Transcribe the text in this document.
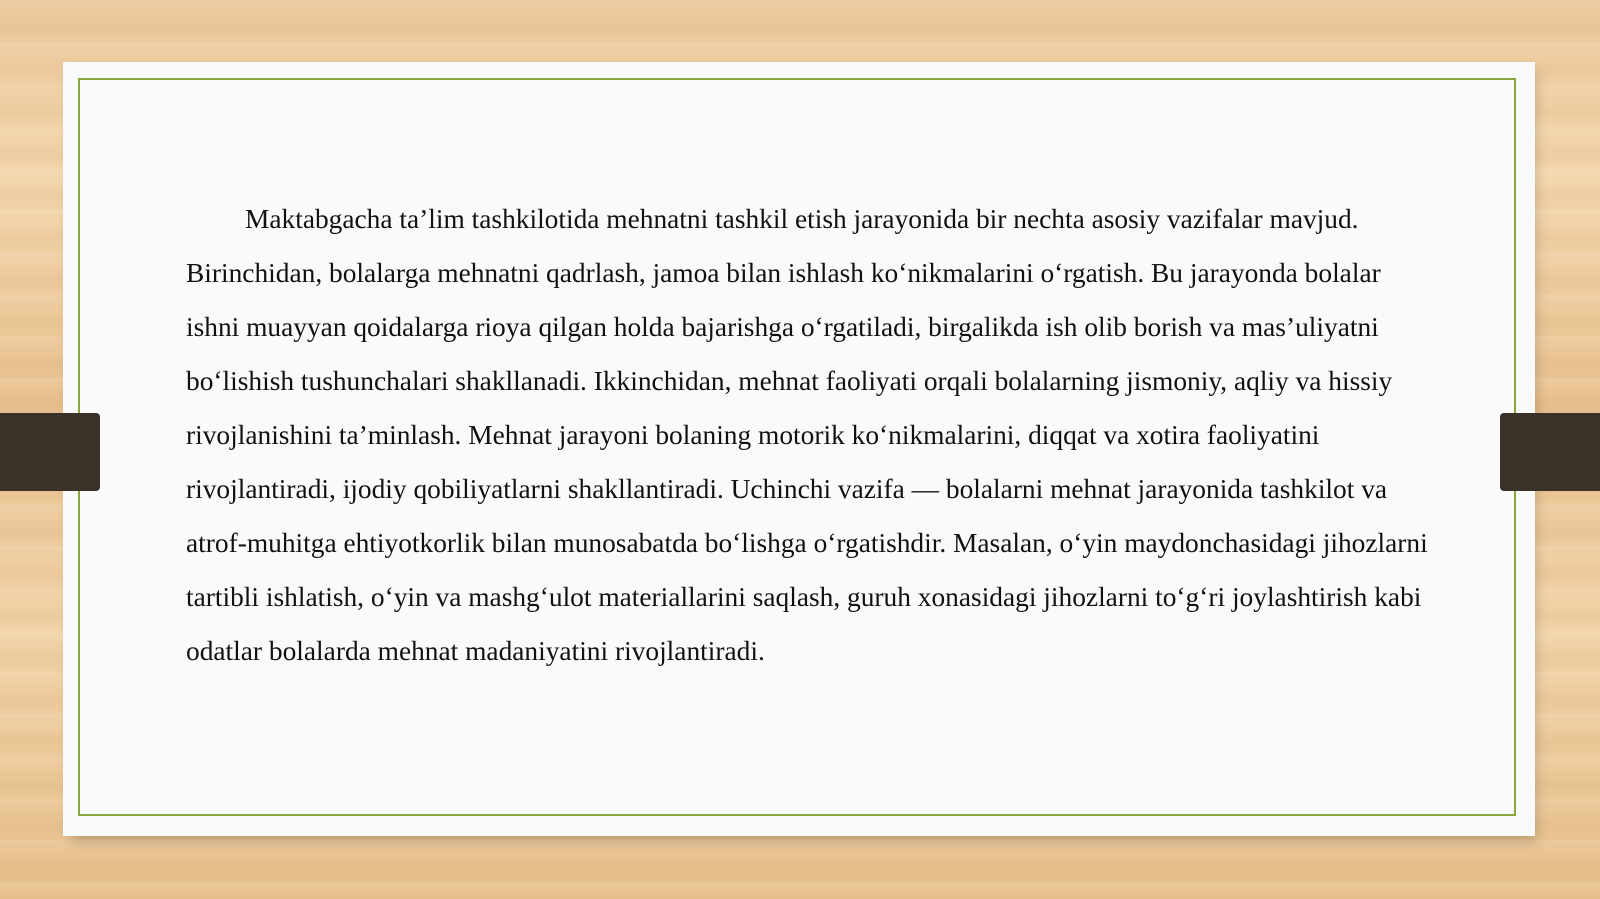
Maktabgacha ta’lim tashkilotida mehnatni tashkil etish jarayonida bir nechta asosiy vazifalar mavjud. Birinchidan, bolalarga mehnatni qadrlash, jamoa bilan ishlash ko‘nikmalarini o‘rgatish. Bu jarayonda bolalar ishni muayyan qoidalarga rioya qilgan holda bajarishga o‘rgatiladi, birgalikda ish olib borish va mas’uliyatni bo‘lishish tushunchalari shakllanadi. Ikkinchidan, mehnat faoliyati orqali bolalarning jismoniy, aqliy va hissiy rivojlanishini ta’minlash. Mehnat jarayoni bolaning motorik ko‘nikmalarini, diqqat va xotira faoliyatini rivojlantiradi, ijodiy qobiliyatlarni shakllantiradi. Uchinchi vazifa — bolalarni mehnat jarayonida tashkilot va atrof-muhitga ehtiyotkorlik bilan munosabatda bo‘lishga o‘rgatishdir. Masalan, o‘yin maydonchasidagi jihozlarni tartibli ishlatish, o‘yin va mashg‘ulot materiallarini saqlash, guruh xonasidagi jihozlarni to‘g‘ri joylashtirish kabi odatlar bolalarda mehnat madaniyatini rivojlantiradi.
